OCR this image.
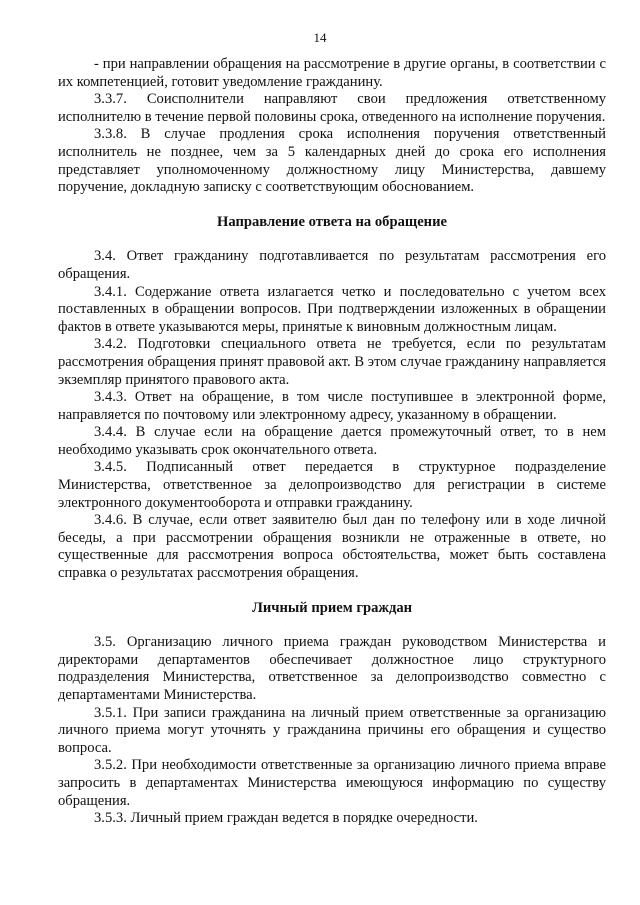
14

- при направлении обращения на рассмотрение в другие органы, в соответствии с их компетенцией, готовит уведомление гражданину.

3.3.7. Соисполнители направляют свои предложения ответственному исполнителю в течение первой половины срока, отведенного на исполнение поручения.

3.3.8. В случае продления срока исполнения поручения ответственный исполнитель не позднее, чем за 5 календарных дней до срока его исполнения представляет уполномоченному должностному лицу Министерства, давшему поручение, докладную записку с соответствующим обоснованием.

Направление ответа на обращение

3.4. Ответ гражданину подготавливается по результатам рассмотрения его обращения.

3.4.1. Содержание ответа излагается четко и последовательно с учетом всех поставленных в обращении вопросов. При подтверждении изложенных в обращении фактов в ответе указываются меры, принятые к виновным должностным лицам.

3.4.2. Подготовки специального ответа не требуется, если по результатам рассмотрения обращения принят правовой акт. В этом случае гражданину направляется экземпляр принятого правового акта.

3.4.3. Ответ на обращение, в том числе поступившее в электронной форме, направляется по почтовому или электронному адресу, указанному в обращении.

3.4.4. В случае если на обращение дается промежуточный ответ, то в нем необходимо указывать срок окончательного ответа.

3.4.5. Подписанный ответ передается в структурное подразделение Министерства, ответственное за делопроизводство для регистрации в системе электронного документооборота и отправки гражданину.

3.4.6. В случае, если ответ заявителю был дан по телефону или в ходе личной беседы, а при рассмотрении обращения возникли не отраженные в ответе, но существенные для рассмотрения вопроса обстоятельства, может быть составлена справка о результатах рассмотрения обращения.

Личный прием граждан

3.5. Организацию личного приема граждан руководством Министерства и директорами департаментов обеспечивает должностное лицо структурного подразделения Министерства, ответственное за делопроизводство совместно с департаментами Министерства.

3.5.1. При записи гражданина на личный прием ответственные за организацию личного приема могут уточнять у гражданина причины его обращения и существо вопроса.

3.5.2. При необходимости ответственные за организацию личного приема вправе запросить в департаментах Министерства имеющуюся информацию по существу обращения.

3.5.3. Личный прием граждан ведется в порядке очередности.
